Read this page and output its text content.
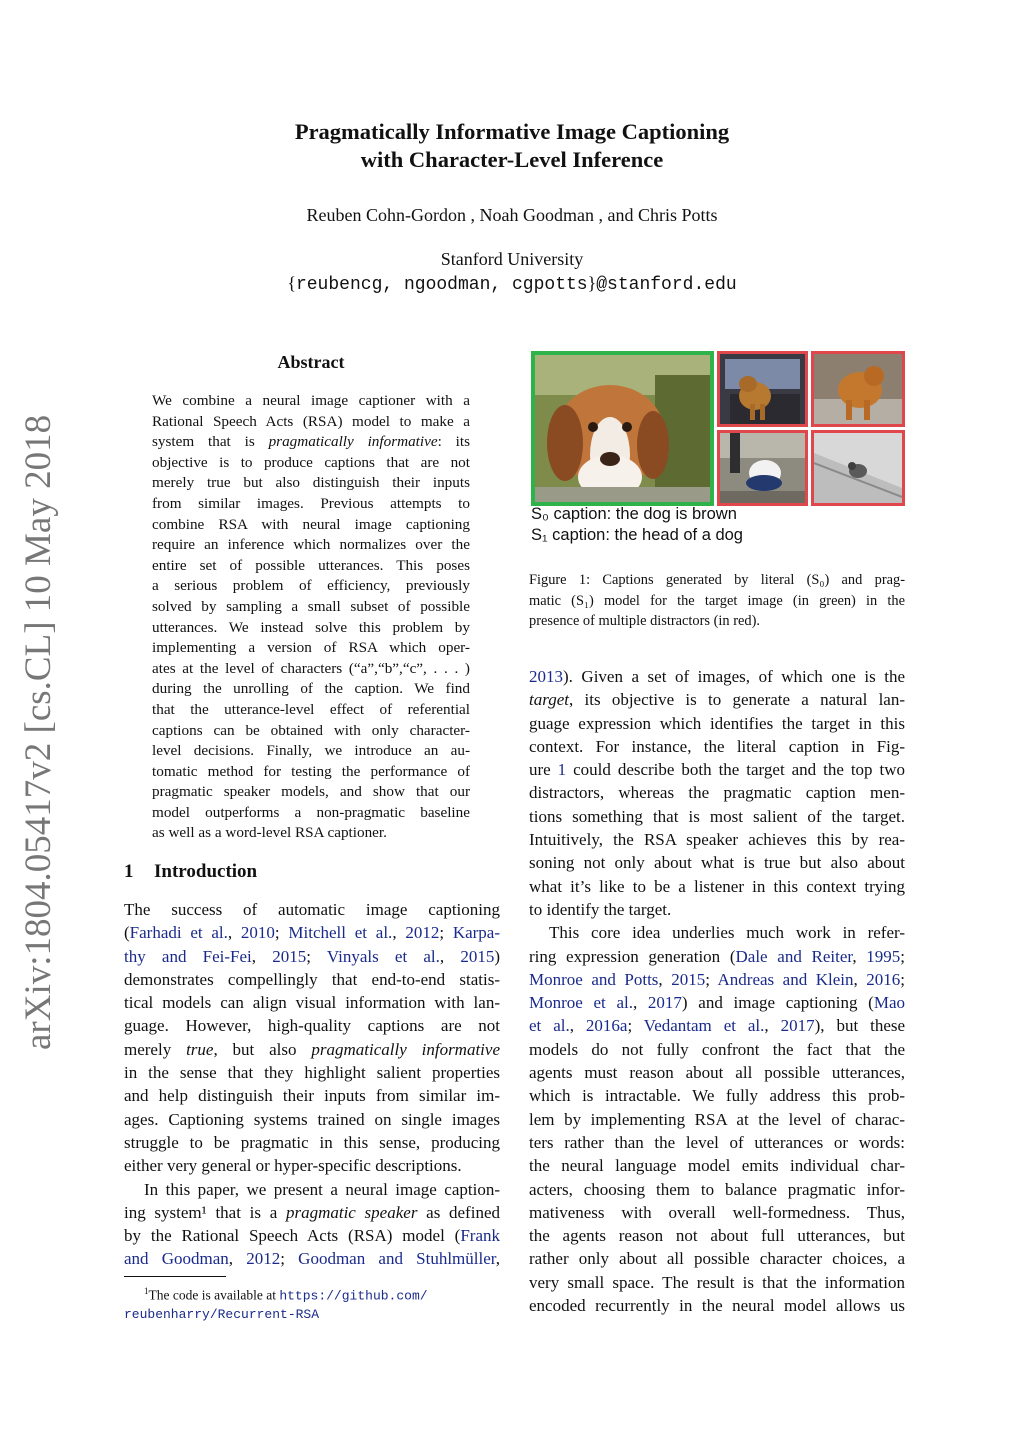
Pragmatically Informative Image Captioning
with Character-Level Inference
Reuben Cohn-Gordon , Noah Goodman , and Chris Potts
Stanford University
{reubencg, ngoodman, cgpotts}@stanford.edu
arXiv:1804.05417v2 [cs.CL] 10 May 2018
Abstract
We combine a neural image captioner with a
Rational Speech Acts (RSA) model to make a
system that is pragmatically informative: its
objective is to produce captions that are not
merely true but also distinguish their inputs
from similar images. Previous attempts to
combine RSA with neural image captioning
require an inference which normalizes over the
entire set of possible utterances. This poses
a serious problem of efficiency, previously
solved by sampling a small subset of possible
utterances. We instead solve this problem by
implementing a version of RSA which oper-
ates at the level of characters (“a”,“b”,“c”, . . . )
during the unrolling of the caption. We find
that the utterance-level effect of referential
captions can be obtained with only character-
level decisions. Finally, we introduce an au-
tomatic method for testing the performance of
pragmatic speaker models, and show that our
model outperforms a non-pragmatic baseline
as well as a word-level RSA captioner.
1 Introduction
The success of automatic image captioning
(Farhadi et al., 2010; Mitchell et al., 2012; Karpa-
thy and Fei-Fei, 2015; Vinyals et al., 2015)
demonstrates compellingly that end-to-end statis-
tical models can align visual information with lan-
guage. However, high-quality captions are not
merely true, but also pragmatically informative
in the sense that they highlight salient properties
and help distinguish their inputs from similar im-
ages. Captioning systems trained on single images
struggle to be pragmatic in this sense, producing
either very general or hyper-specific descriptions.
In this paper, we present a neural image caption-
ing system¹ that is a pragmatic speaker as defined
by the Rational Speech Acts (RSA) model (Frank
and Goodman, 2012; Goodman and Stuhlmüller,
$^1$The code is available at https://github.com/
reubenharry/Recurrent-RSA
S₀ caption: the dog is brown
S₁ caption: the head of a dog
Figure 1: Captions generated by literal (S₀) and prag-
matic (S₁) model for the target image (in green) in the
presence of multiple distractors (in red).
2013). Given a set of images, of which one is the
target, its objective is to generate a natural lan-
guage expression which identifies the target in this
context. For instance, the literal caption in Fig-
ure 1 could describe both the target and the top two
distractors, whereas the pragmatic caption men-
tions something that is most salient of the target.
Intuitively, the RSA speaker achieves this by rea-
soning not only about what is true but also about
what it’s like to be a listener in this context trying
to identify the target.
This core idea underlies much work in refer-
ring expression generation (Dale and Reiter, 1995;
Monroe and Potts, 2015; Andreas and Klein, 2016;
Monroe et al., 2017) and image captioning (Mao
et al., 2016a; Vedantam et al., 2017), but these
models do not fully confront the fact that the
agents must reason about all possible utterances,
which is intractable. We fully address this prob-
lem by implementing RSA at the level of charac-
ters rather than the level of utterances or words:
the neural language model emits individual char-
acters, choosing them to balance pragmatic infor-
mativeness with overall well-formedness. Thus,
the agents reason not about full utterances, but
rather only about all possible character choices, a
very small space. The result is that the information
encoded recurrently in the neural model allows us
